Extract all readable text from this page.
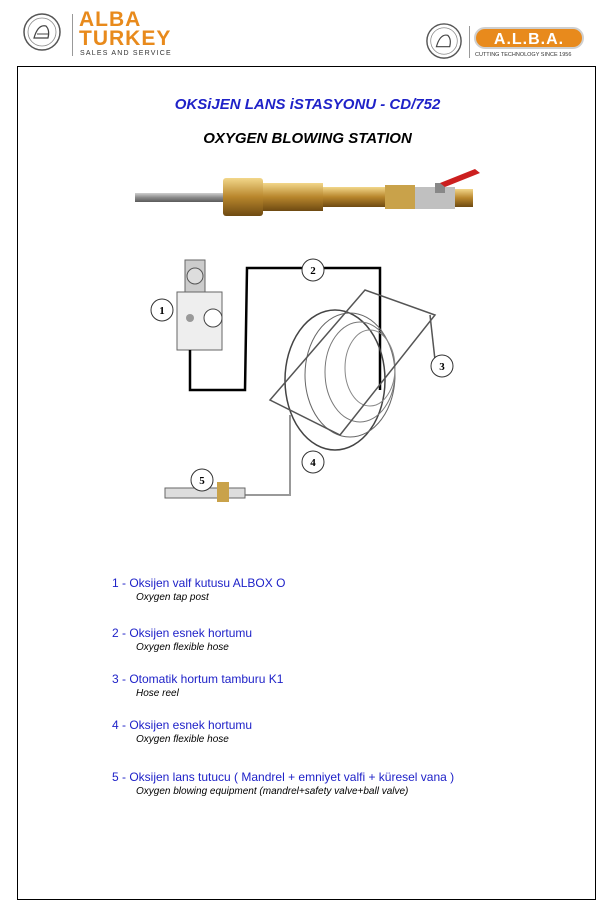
ALBA
TURKEY
SALES AND SERVICE
A.L.B.A.
CUTTING TECHNOLOGY SINCE 1956
OKSiJEN LANS iSTASYONU - CD/752
OXYGEN BLOWING STATION
1
2
3
4
5
1 - Oksijen valf kutusu ALBOX O
Oxygen tap post
2 - Oksijen esnek hortumu
Oxygen flexible hose
3 - Otomatik hortum tamburu K1
Hose reel
4 - Oksijen esnek hortumu
Oxygen flexible hose
5 - Oksijen lans tutucu ( Mandrel + emniyet valfi + küresel vana )
Oxygen blowing equipment (mandrel+safety valve+ball valve)
